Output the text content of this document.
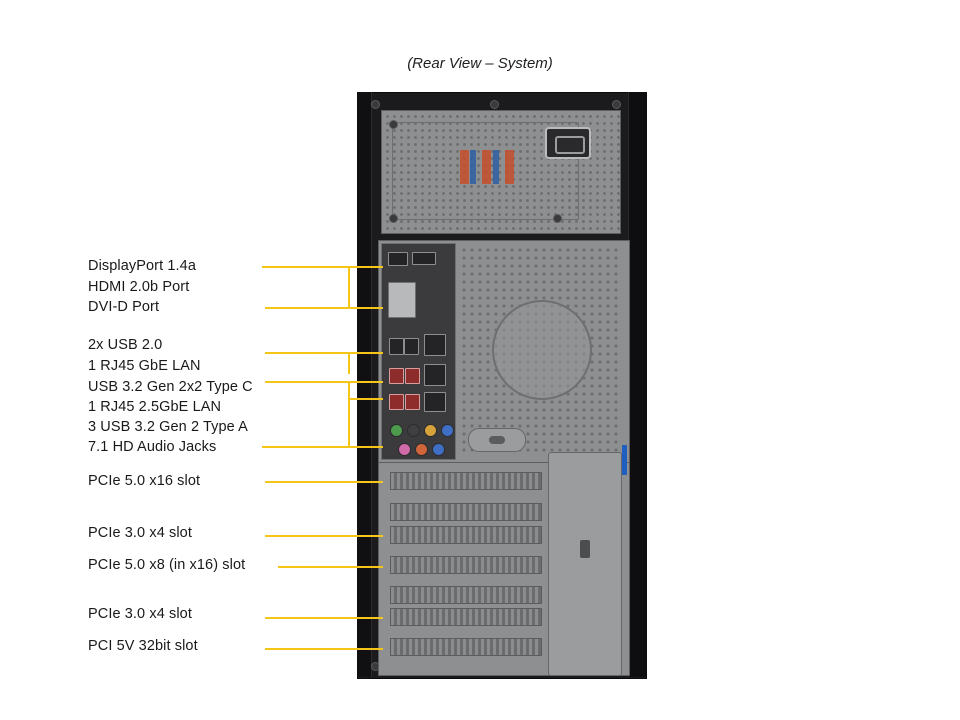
(Rear View – System)
DisplayPort 1.4a
HDMI 2.0b Port
DVI-D Port
2x USB 2.0
1 RJ45 GbE LAN
USB 3.2 Gen 2x2 Type C
1 RJ45 2.5GbE LAN
3 USB 3.2 Gen 2 Type A
7.1 HD Audio Jacks
PCIe 5.0 x16 slot
PCIe 3.0 x4 slot
PCIe 5.0 x8 (in x16) slot
PCIe 3.0 x4 slot
PCI 5V 32bit slot
